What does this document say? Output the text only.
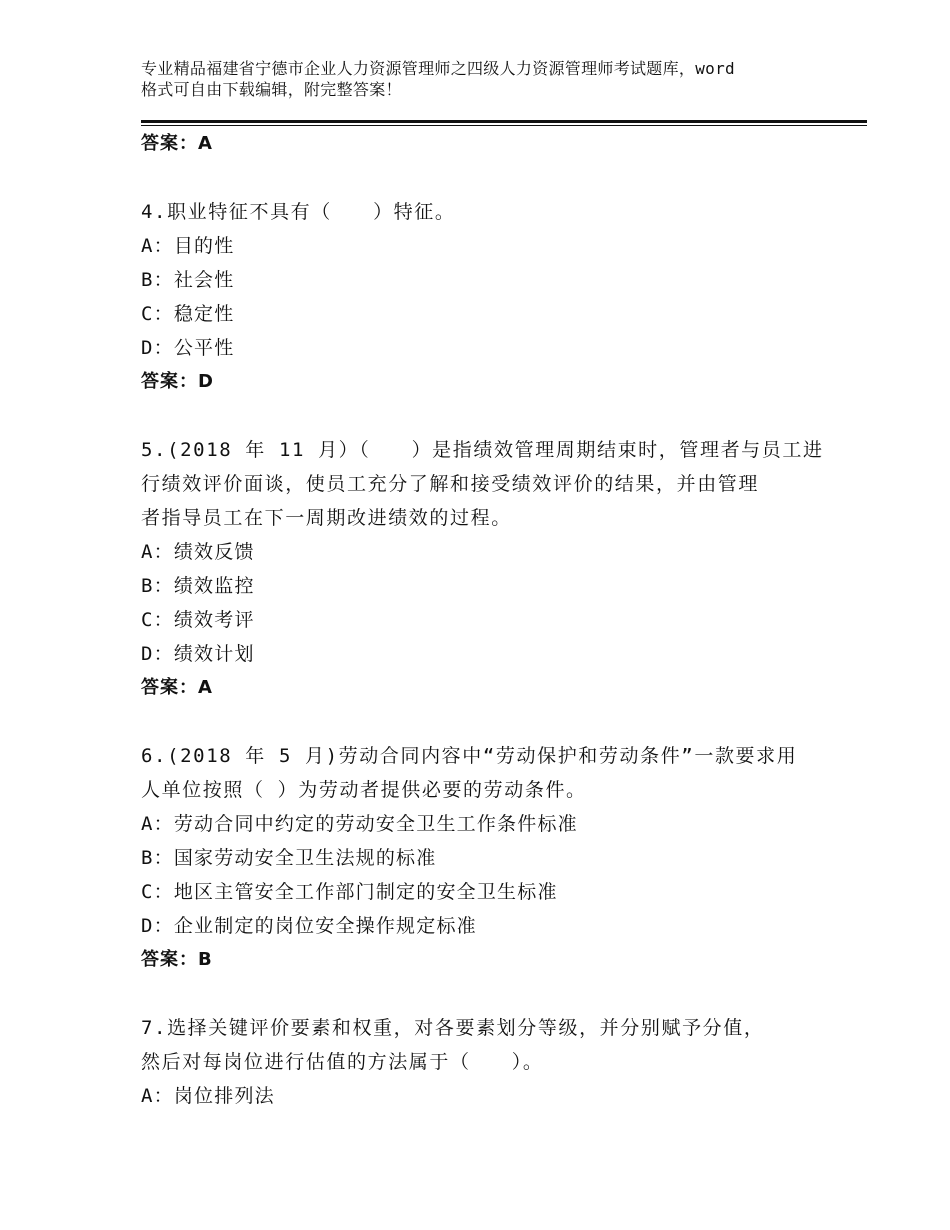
专业精品福建省宁德市企业人力资源管理师之四级人力资源管理师考试题库，word
格式可自由下载编辑，附完整答案！
答案：A
4.职业特征不具有（　　）特征。
A：目的性
B：社会性
C：稳定性
D：公平性
答案：D
5.(2018 年 11 月）（　　）是指绩效管理周期结束时，管理者与员工进
行绩效评价面谈，使员工充分了解和接受绩效评价的结果，并由管理
者指导员工在下一周期改进绩效的过程。
A：绩效反馈
B：绩效监控
C：绩效考评
D：绩效计划
答案：A
6.(2018 年 5 月)劳动合同内容中“劳动保护和劳动条件”一款要求用
人单位按照（ ）为劳动者提供必要的劳动条件。
A：劳动合同中约定的劳动安全卫生工作条件标准
B：国家劳动安全卫生法规的标准
C：地区主管安全工作部门制定的安全卫生标准
D：企业制定的岗位安全操作规定标准
答案：B
7.选择关键评价要素和权重，对各要素划分等级，并分别赋予分值，
然后对每岗位进行估值的方法属于（　　）。
A：岗位排列法
